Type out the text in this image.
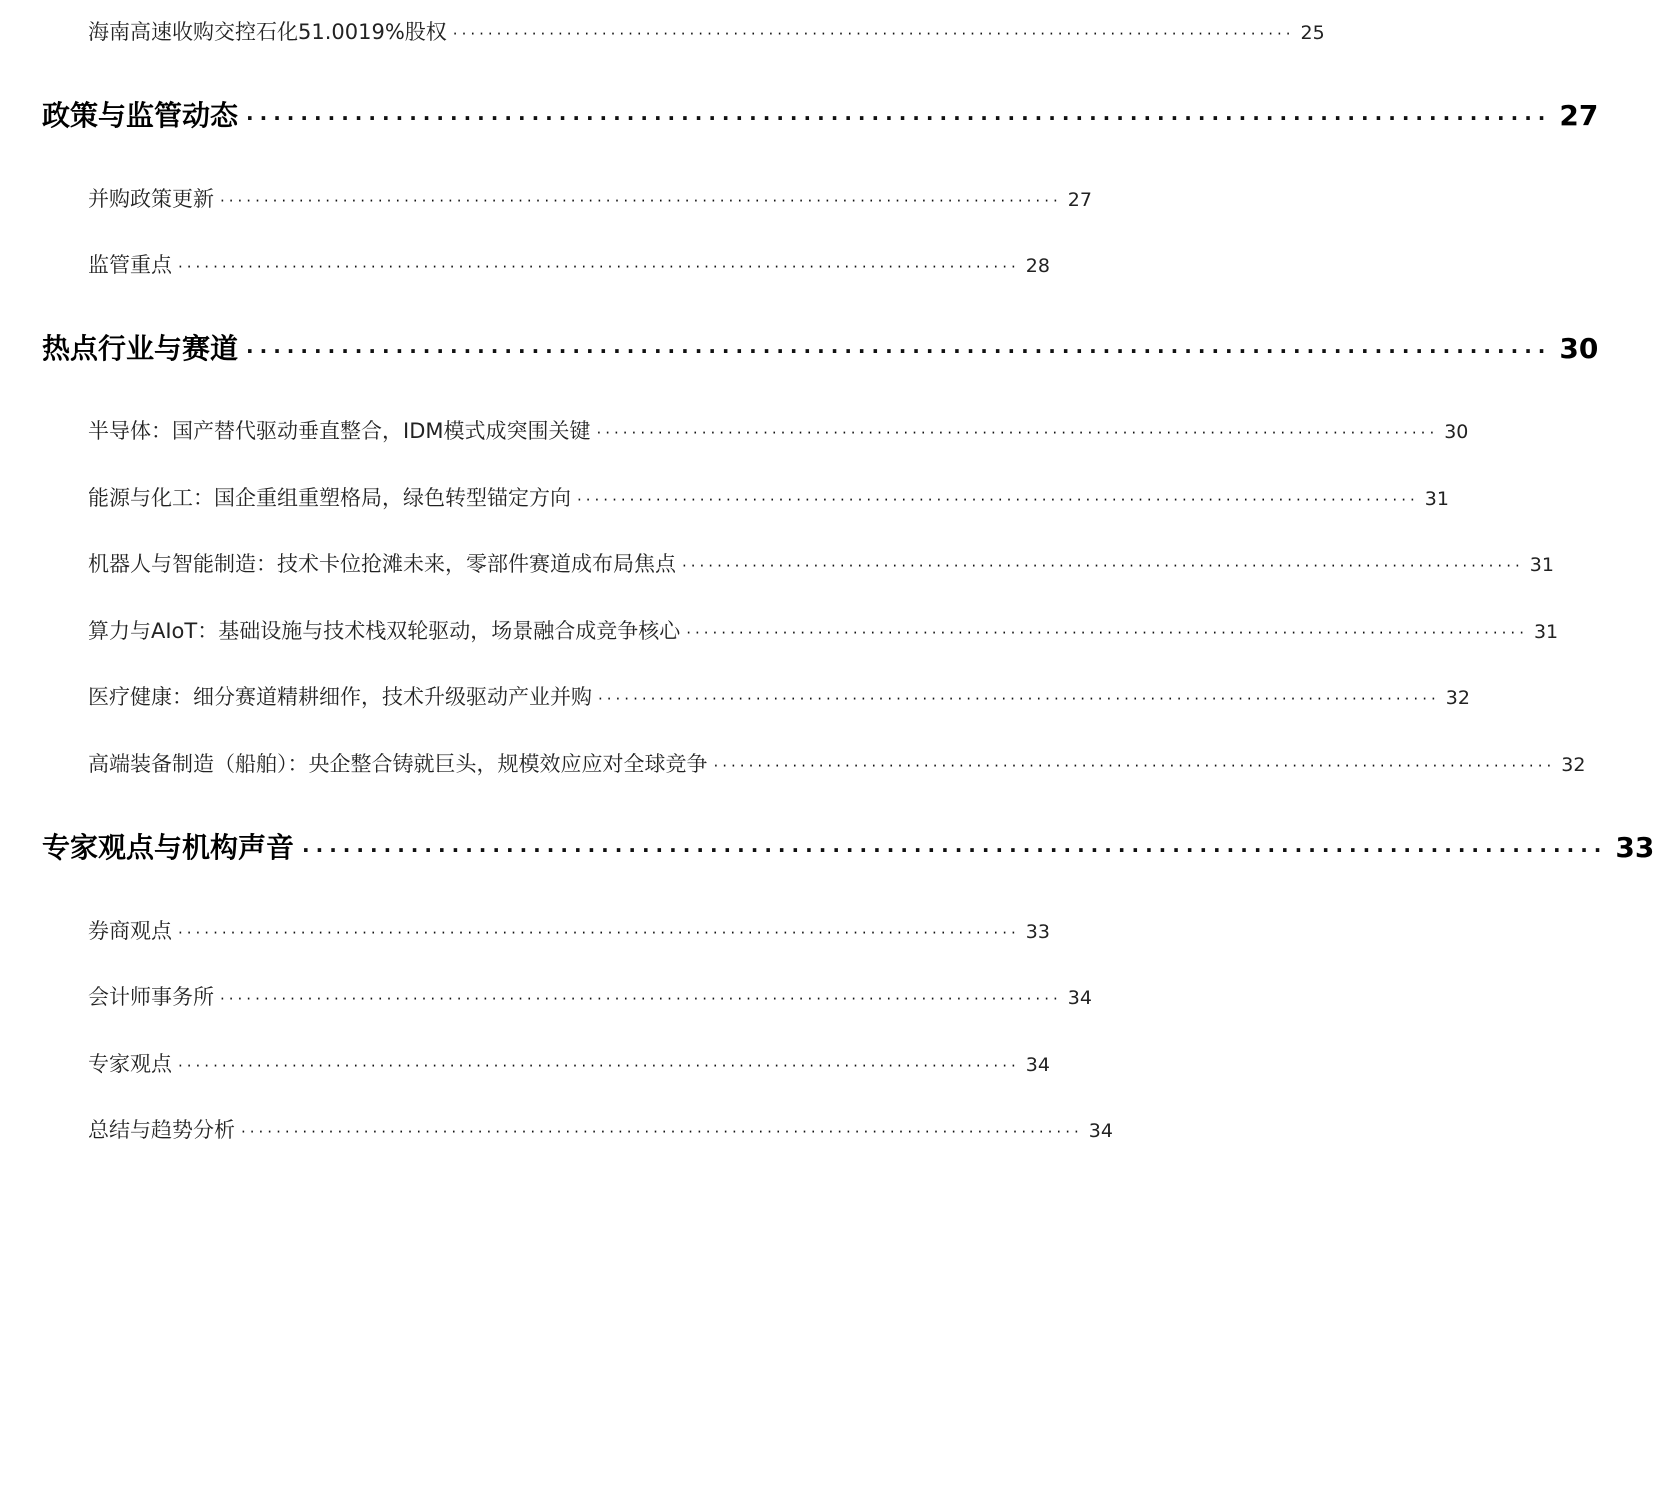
海南高速收购交控石化51.0019%股权 ································································································ 25
政策与监管动态 ································································································ 27
并购政策更新 ································································································ 27
监管重点 ································································································ 28
热点行业与赛道 ································································································ 30
半导体：国产替代驱动垂直整合，IDM模式成突围关键 ································································································ 30
能源与化工：国企重组重塑格局，绿色转型锚定方向 ································································································ 31
机器人与智能制造：技术卡位抢滩未来，零部件赛道成布局焦点 ································································································ 31
算力与AIoT：基础设施与技术栈双轮驱动，场景融合成竞争核心 ································································································ 31
医疗健康：细分赛道精耕细作，技术升级驱动产业并购 ································································································ 32
高端装备制造（船舶）：央企整合铸就巨头，规模效应应对全球竞争 ································································································ 32
专家观点与机构声音 ································································································ 33
券商观点 ································································································ 33
会计师事务所 ································································································ 34
专家观点 ································································································ 34
总结与趋势分析 ································································································ 34
